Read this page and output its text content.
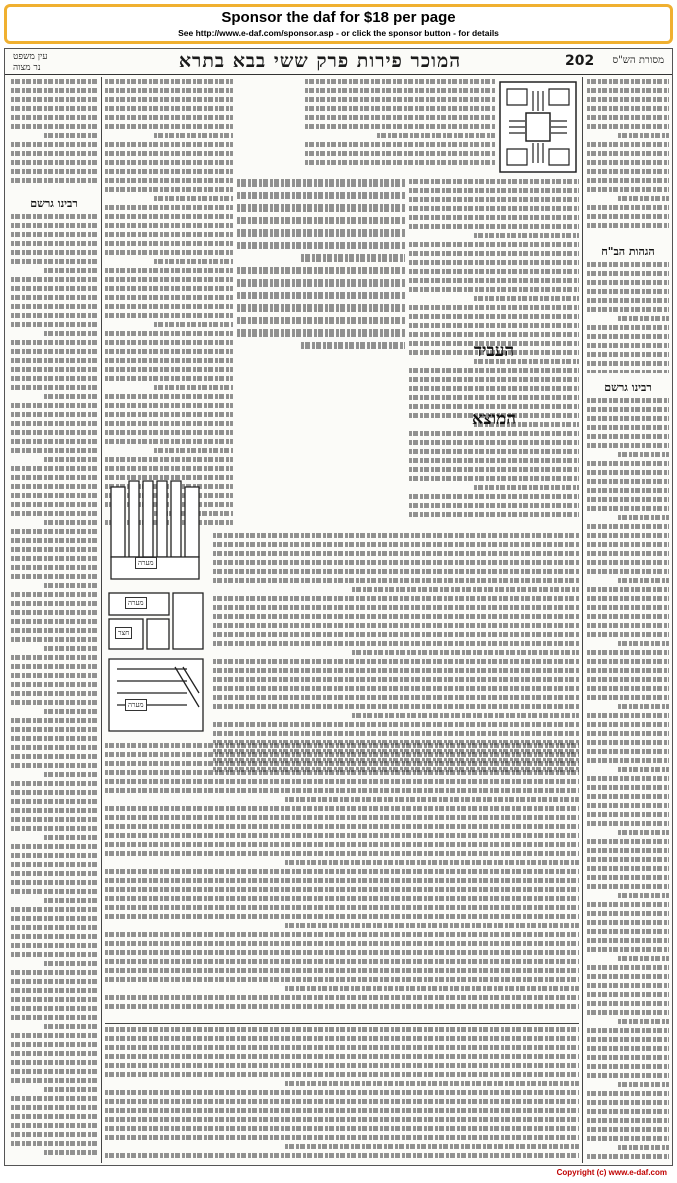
Sponsor the daf for $18 per page
See http://www.e-daf.com/sponsor.asp - or click the sponsor button - for details
עין משפט
נר מצוה	המוכר פירות פרק ששי בבא בתרא	202 מסורת הש"ס
הגהות הב"ח
רבינו גרשם
רבינו גרשם
העביד
המוצא
מערה
מערה
חצר
מערה
Copyright (c) www.e-daf.com
